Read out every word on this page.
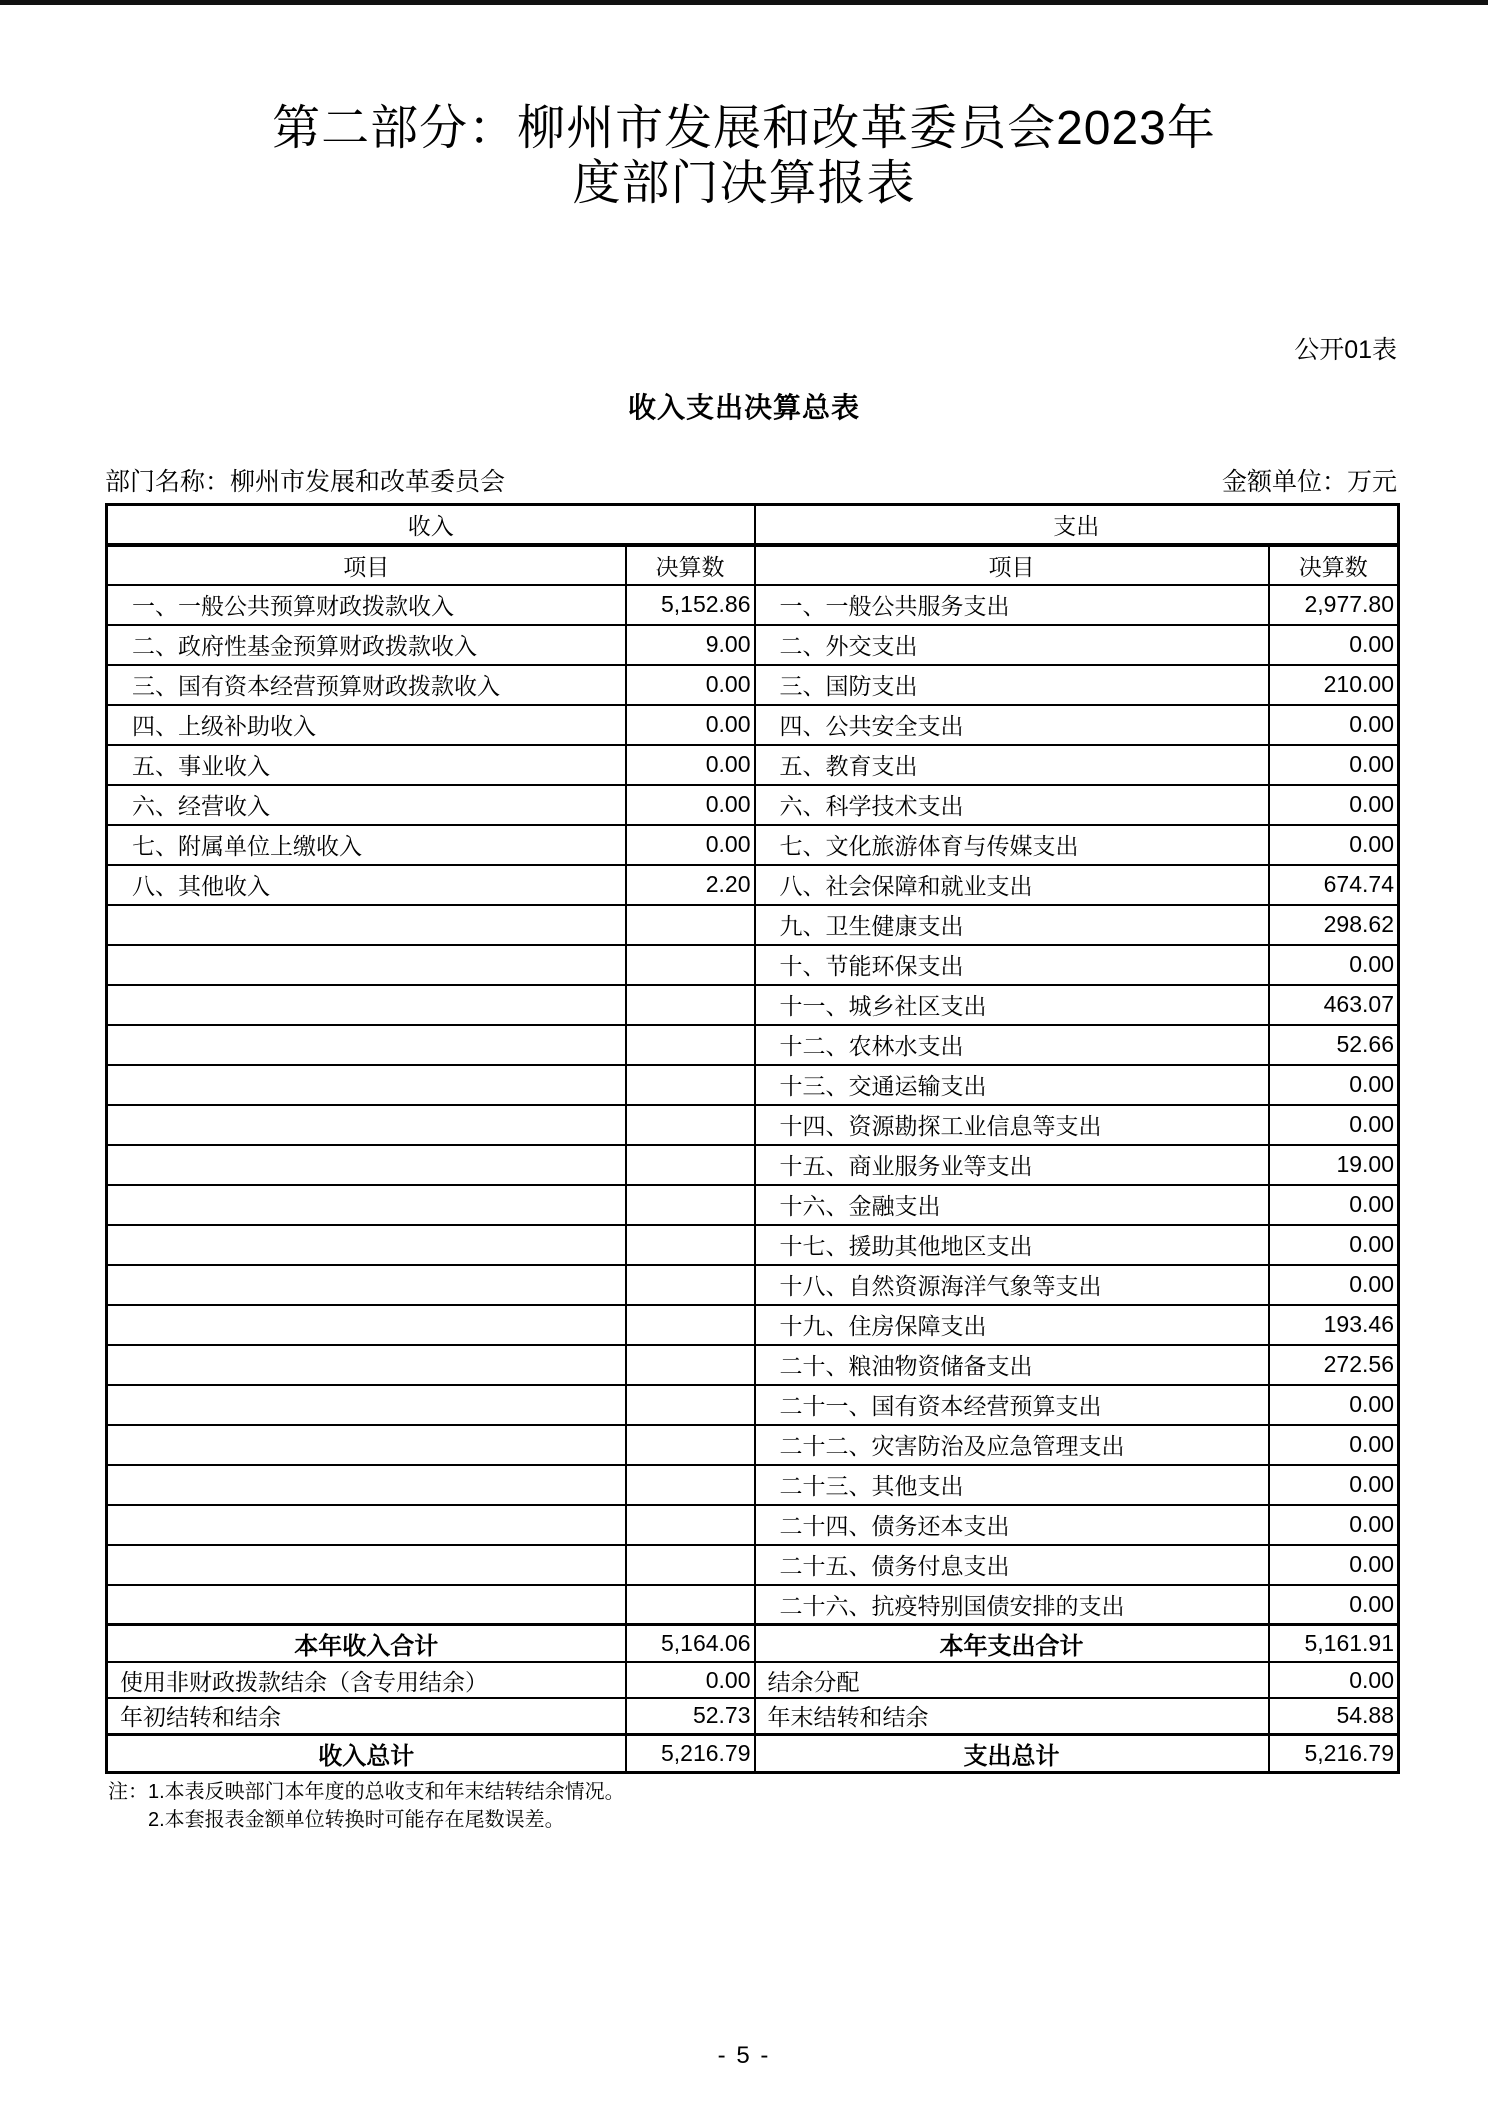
第二部分：柳州市发展和改革委员会2023年
度部门决算报表
公开01表
收入支出决算总表
部门名称：柳州市发展和改革委员会	金额单位：万元
收入		支出	
项目	决算数	项目	决算数
一、一般公共预算财政拨款收入	5,152.86	一、一般公共服务支出	2,977.80
二、政府性基金预算财政拨款收入	9.00	二、外交支出	0.00
三、国有资本经营预算财政拨款收入	0.00	三、国防支出	210.00
四、上级补助收入	0.00	四、公共安全支出	0.00
五、事业收入	0.00	五、教育支出	0.00
六、经营收入	0.00	六、科学技术支出	0.00
七、附属单位上缴收入	0.00	七、文化旅游体育与传媒支出	0.00
八、其他收入	2.20	八、社会保障和就业支出	674.74
		九、卫生健康支出	298.62
		十、节能环保支出	0.00
		十一、城乡社区支出	463.07
		十二、农林水支出	52.66
		十三、交通运输支出	0.00
		十四、资源勘探工业信息等支出	0.00
		十五、商业服务业等支出	19.00
		十六、金融支出	0.00
		十七、援助其他地区支出	0.00
		十八、自然资源海洋气象等支出	0.00
		十九、住房保障支出	193.46
		二十、粮油物资储备支出	272.56
		二十一、国有资本经营预算支出	0.00
		二十二、灾害防治及应急管理支出	0.00
		二十三、其他支出	0.00
		二十四、债务还本支出	0.00
		二十五、债务付息支出	0.00
		二十六、抗疫特别国债安排的支出	0.00
本年收入合计	5,164.06	本年支出合计	5,161.91
使用非财政拨款结余（含专用结余）	0.00	结余分配	0.00
年初结转和结余	52.73	年末结转和结余	54.88
收入总计	5,216.79	支出总计	5,216.79
注：1.本表反映部门本年度的总收支和年末结转结余情况。
2.本套报表金额单位转换时可能存在尾数误差。
- 5 -
